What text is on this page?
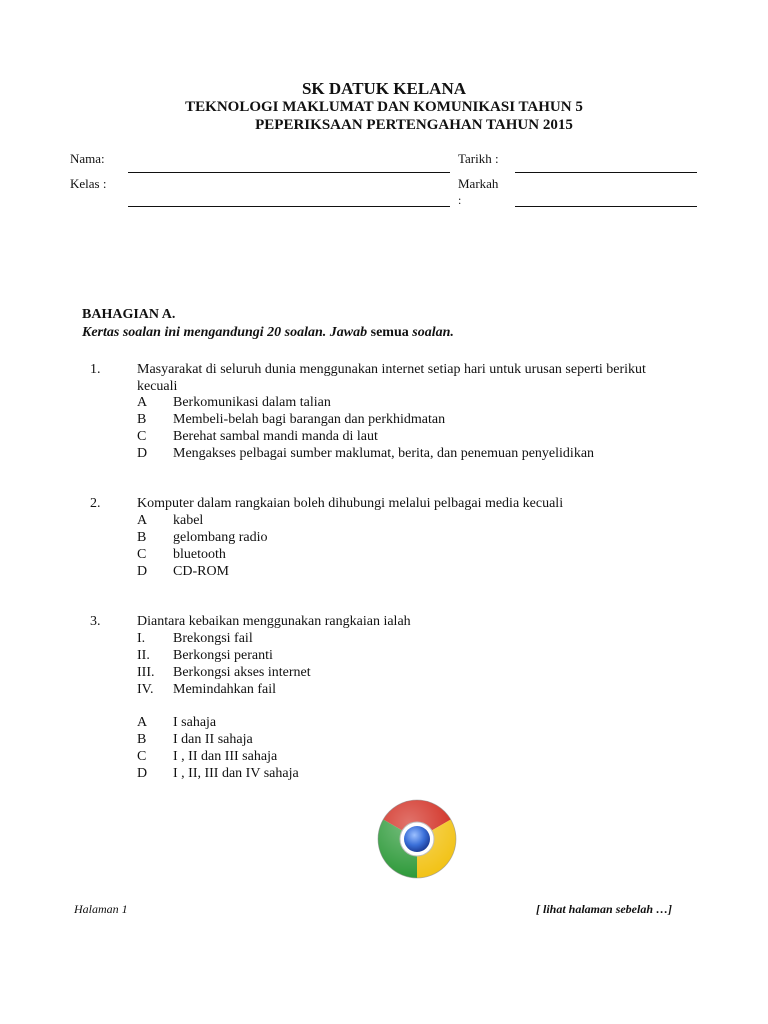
SK DATUK KELANA
TEKNOLOGI MAKLUMAT DAN KOMUNIKASI TAHUN 5
PEPERIKSAAN PERTENGAHAN TAHUN 2015
Nama:	Tarikh :
Kelas :	Markah
:
BAHAGIAN A.
Kertas soalan ini mengandungi 20 soalan. Jawab semua soalan.
1.	Masyarakat di seluruh dunia menggunakan internet setiap hari untuk urusan seperti berikut kecuali
A Berkomunikasi dalam talian
B Membeli-belah bagi barangan dan perkhidmatan
C Berehat sambal mandi manda di laut
D Mengakses pelbagai sumber maklumat, berita, dan penemuan penyelidikan
2.	Komputer dalam rangkaian boleh dihubungi melalui pelbagai media kecuali
A kabel
B gelombang radio
C bluetooth
D CD-ROM
3.	Diantara kebaikan menggunakan rangkaian ialah
I. Brekongsi fail
II. Berkongsi peranti
III. Berkongsi akses internet
IV. Memindahkan fail
A I sahaja
B I dan II sahaja
C I , II dan III sahaja
D I , II, III dan IV sahaja
Halaman 1	[ lihat halaman sebelah …]
